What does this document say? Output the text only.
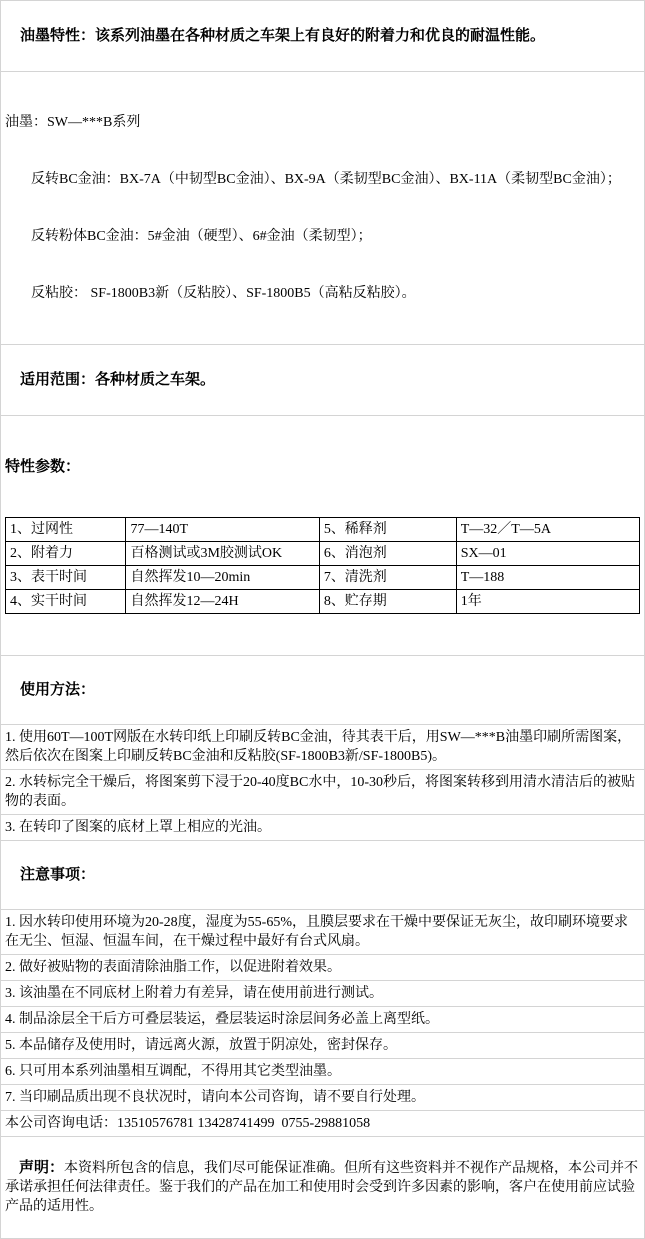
油墨特性：该系列油墨在各种材质之车架上有良好的附着力和优良的耐温性能。

油墨：SW—***B系列

反转BC金油：BX-7A（中韧型BC金油）、BX-9A（柔韧型BC金油）、BX-11A（柔韧型BC金油）；

反转粉体BC金油：5#金油（硬型）、6#金油（柔韧型）；

反粘胶： SF-1800B3新（反粘胶）、SF-1800B5（高粘反粘胶）。

适用范围：各种材质之车架。

特性参数：

1、过网性	77—140T	5、稀释剂	T—32／T—5A
2、附着力	百格测试或3M胶测试OK	6、消泡剂	SX—01
3、表干时间	自然挥发10—20min	7、清洗剂	T—188
4、实干时间	自然挥发12—24H	8、贮存期	1年

使用方法：

1. 使用60T—100T网版在水转印纸上印刷反转BC金油，待其表干后，用SW—***B油墨印刷所需图案，然后依次在图案上印刷反转BC金油和反粘胶(SF-1800B3新/SF-1800B5)。
2. 水转标完全干燥后，将图案剪下浸于20-40度BC水中，10-30秒后，将图案转移到用清水清洁后的被贴物的表面。
3. 在转印了图案的底材上罩上相应的光油。

注意事项：

1. 因水转印使用环境为20-28度，湿度为55-65%，且膜层要求在干燥中要保证无灰尘，故印刷环境要求在无尘、恒湿、恒温车间，在干燥过程中最好有台式风扇。
2. 做好被贴物的表面清除油脂工作，以促进附着效果。
3. 该油墨在不同底材上附着力有差异，请在使用前进行测试。
4. 制品涂层全干后方可叠层装运，叠层装运时涂层间务必盖上离型纸。
5. 本品储存及使用时，请远离火源，放置于阴凉处，密封保存。
6. 只可用本系列油墨相互调配，不得用其它类型油墨。
7. 当印刷品质出现不良状况时，请向本公司咨询，请不要自行处理。
本公司咨询电话：13510576781 13428741499  0755-29881058

声明：本资料所包含的信息，我们尽可能保证准确。但所有这些资料并不视作产品规格，本公司并不承诺承担任何法律责任。鉴于我们的产品在加工和使用时会受到许多因素的影响，客户在使用前应试验产品的适用性。
